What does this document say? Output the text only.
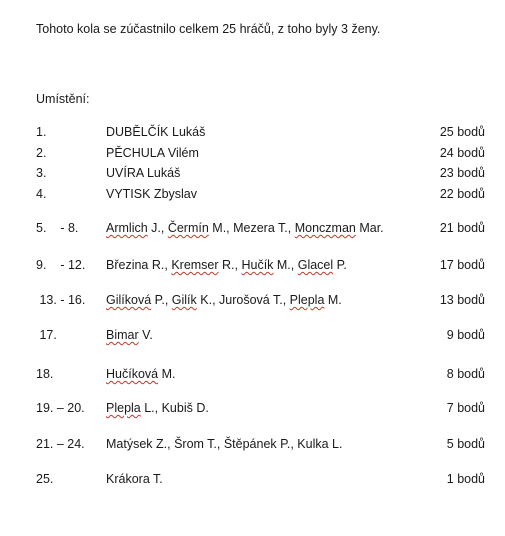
Tohoto kola se zúčastnilo celkem 25 hráčů, z toho byly 3 ženy.
Umístění:
1.	DUBĚLČÍK Lukáš	25 bodů
2.	PĚCHULA Vilém	24 bodů
3.	UVÍRA Lukáš	23 bodů
4.	VYTISK Zbyslav	22 bodů
5.    - 8. Armlich J., Čermín M., Mezera T., Monczman Mar.	21 bodů
9.    - 12. Březina R., Kremser R., Hučík M., Glacel P.	17 bodů
13. - 16. Gilíková P., Gilík K., Jurošová T., Plepla M.	13 bodů
17.	Bimar V.	9 bodů
18.	Hučíková M.	8 bodů
19. – 20. Plepla L., Kubiš D.	7 bodů
21. – 24. Matýsek Z., Šrom T., Štěpánek P., Kulka L.	5 bodů
25.	Krákora T.	1 bodů
